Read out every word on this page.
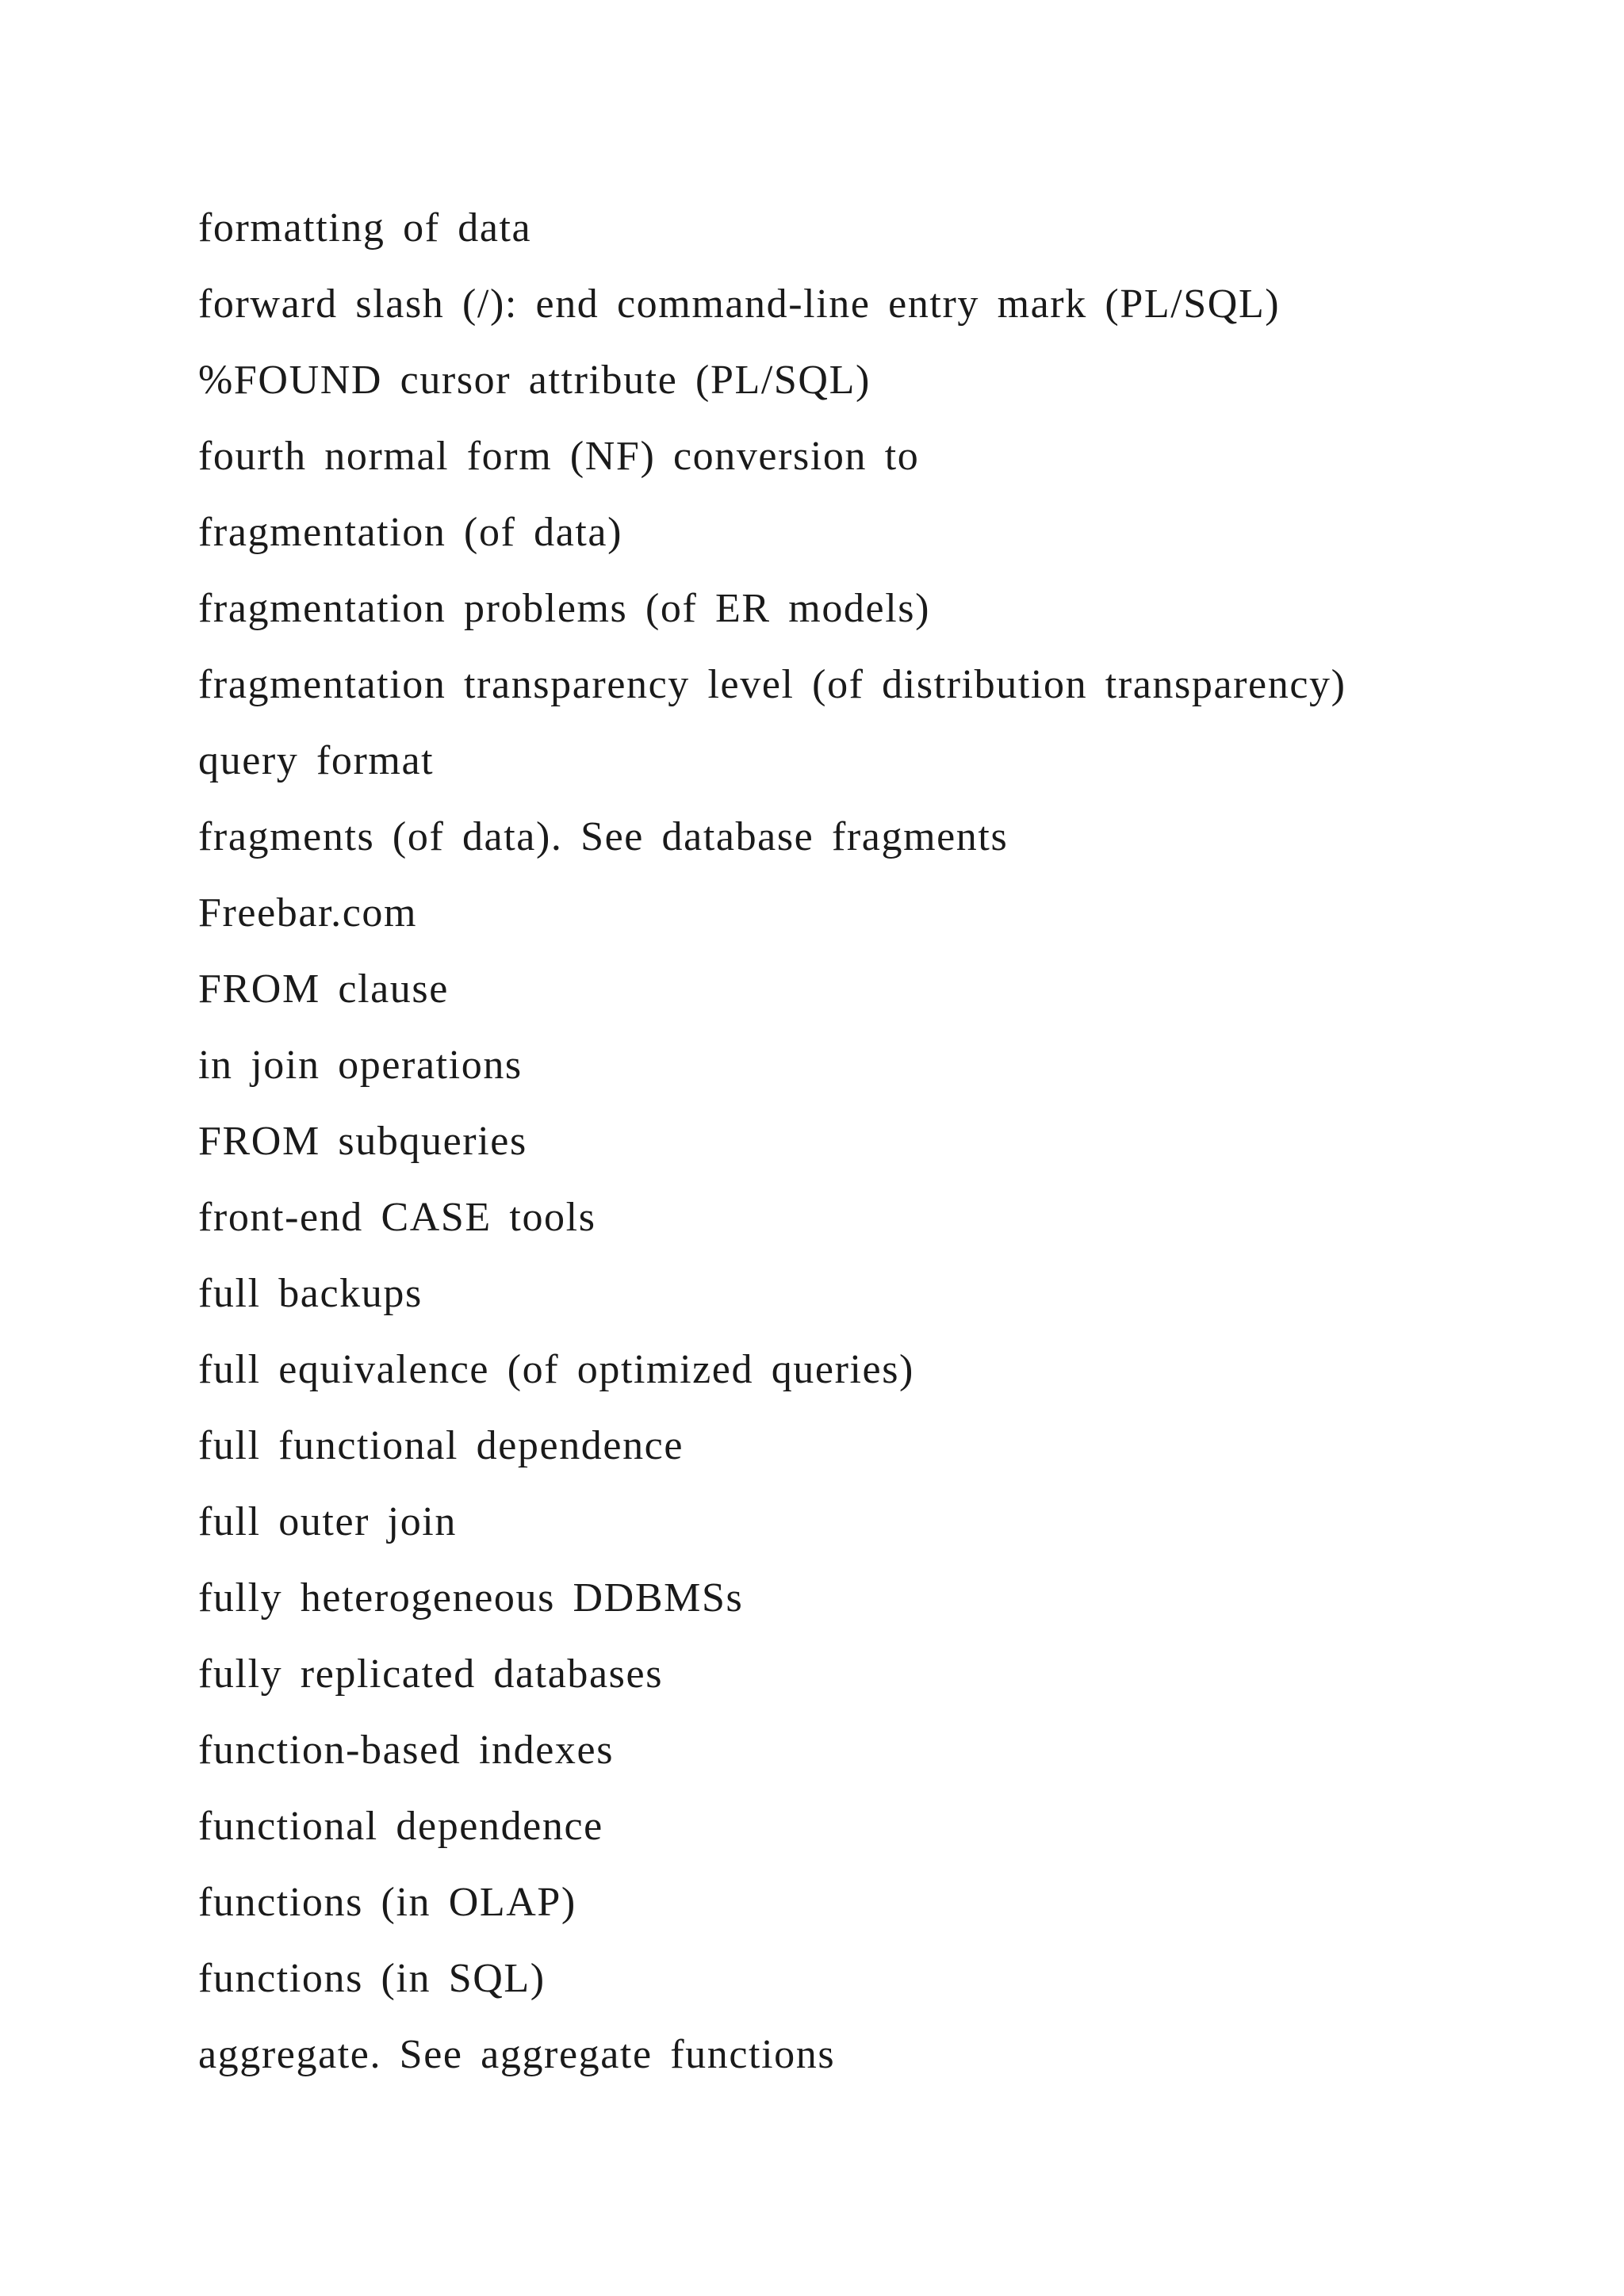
formatting of data
forward slash (/): end command-line entry mark (PL/SQL)
%FOUND cursor attribute (PL/SQL)
fourth normal form (NF) conversion to
fragmentation (of data)
fragmentation problems (of ER models)
fragmentation transparency level (of distribution transparency)
query format
fragments (of data). See database fragments
Freebar.com
FROM clause
in join operations
FROM subqueries
front-end CASE tools
full backups
full equivalence (of optimized queries)
full functional dependence
full outer join
fully heterogeneous DDBMSs
fully replicated databases
function-based indexes
functional dependence
functions (in OLAP)
functions (in SQL)
aggregate. See aggregate functions
